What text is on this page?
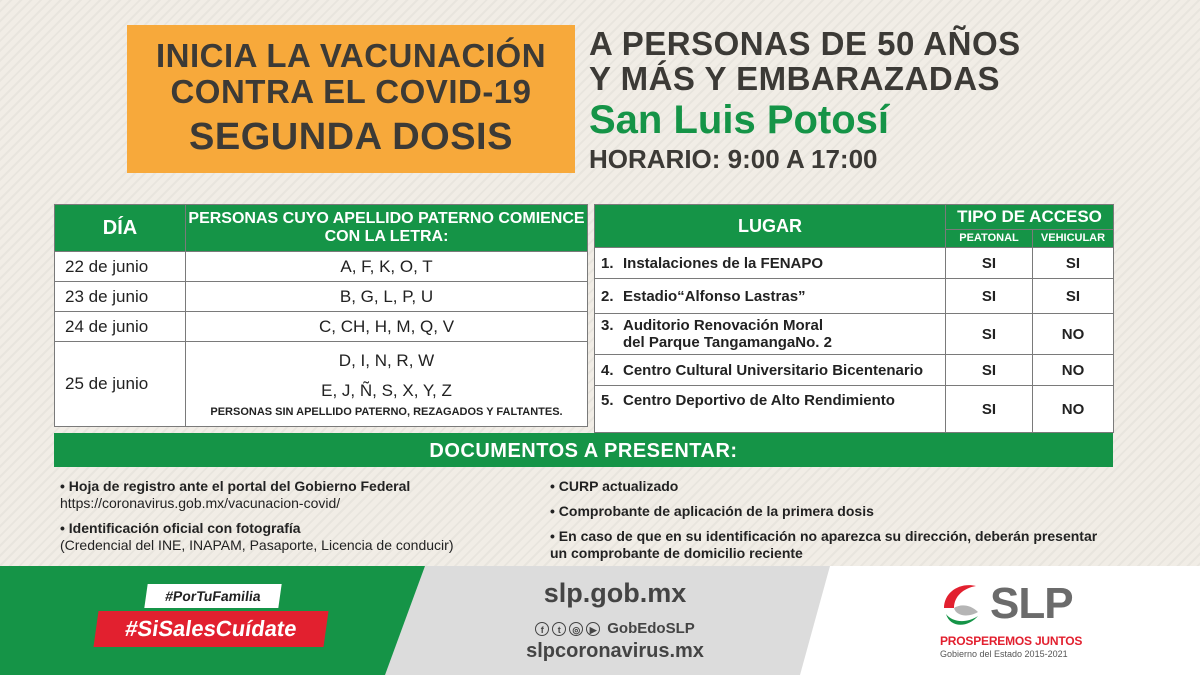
INICIA LA VACUNACIÓN
CONTRA EL COVID-19
SEGUNDA DOSIS
A PERSONAS DE 50 AÑOS
Y MÁS Y EMBARAZADAS
San Luis Potosí
HORARIO: 9:00 A 17:00
DÍA	PERSONAS CUYO APELLIDO PATERNO COMIENCE CON LA LETRA:
22 de junio	A, F, K, O, T
23 de junio	B, G, L, P, U
24 de junio	C, CH, H, M, Q, V
25 de junio	D, I, N, R, W
E, J, Ñ, S, X, Y, Z
PERSONAS SIN APELLIDO PATERNO, REZAGADOS Y FALTANTES.
LUGAR	TIPO DE ACCESO	
	PEATONAL	VEHICULAR
1. Instalaciones de la FENAPO	SI	SI
2. Estadio“Alfonso Lastras”	SI	SI
3. Auditorio Renovación Moral
del Parque TangamangaNo. 2	SI	NO
4. Centro Cultural Universitario Bicentenario	SI	NO
5. Centro Deportivo de Alto Rendimiento	SI	NO
DOCUMENTOS A PRESENTAR:
• Hoja de registro ante el portal del Gobierno Federal
https://coronavirus.gob.mx/vacunacion-covid/
• Identificación oficial con fotografía
(Credencial del INE, INAPAM, Pasaporte, Licencia de conducir)
• CURP actualizado
• Comprobante de aplicación de la primera dosis
• En caso de que en su identificación no aparezca su dirección, deberán presentar
un comprobante de domicilio reciente
#PorTuFamilia
#SiSalesCuídate
slp.gob.mx
f	t	◎	▶ GobEdoSLP
slpcoronavirus.mx
SLP
PROSPEREMOS JUNTOS
Gobierno del Estado 2015-2021
